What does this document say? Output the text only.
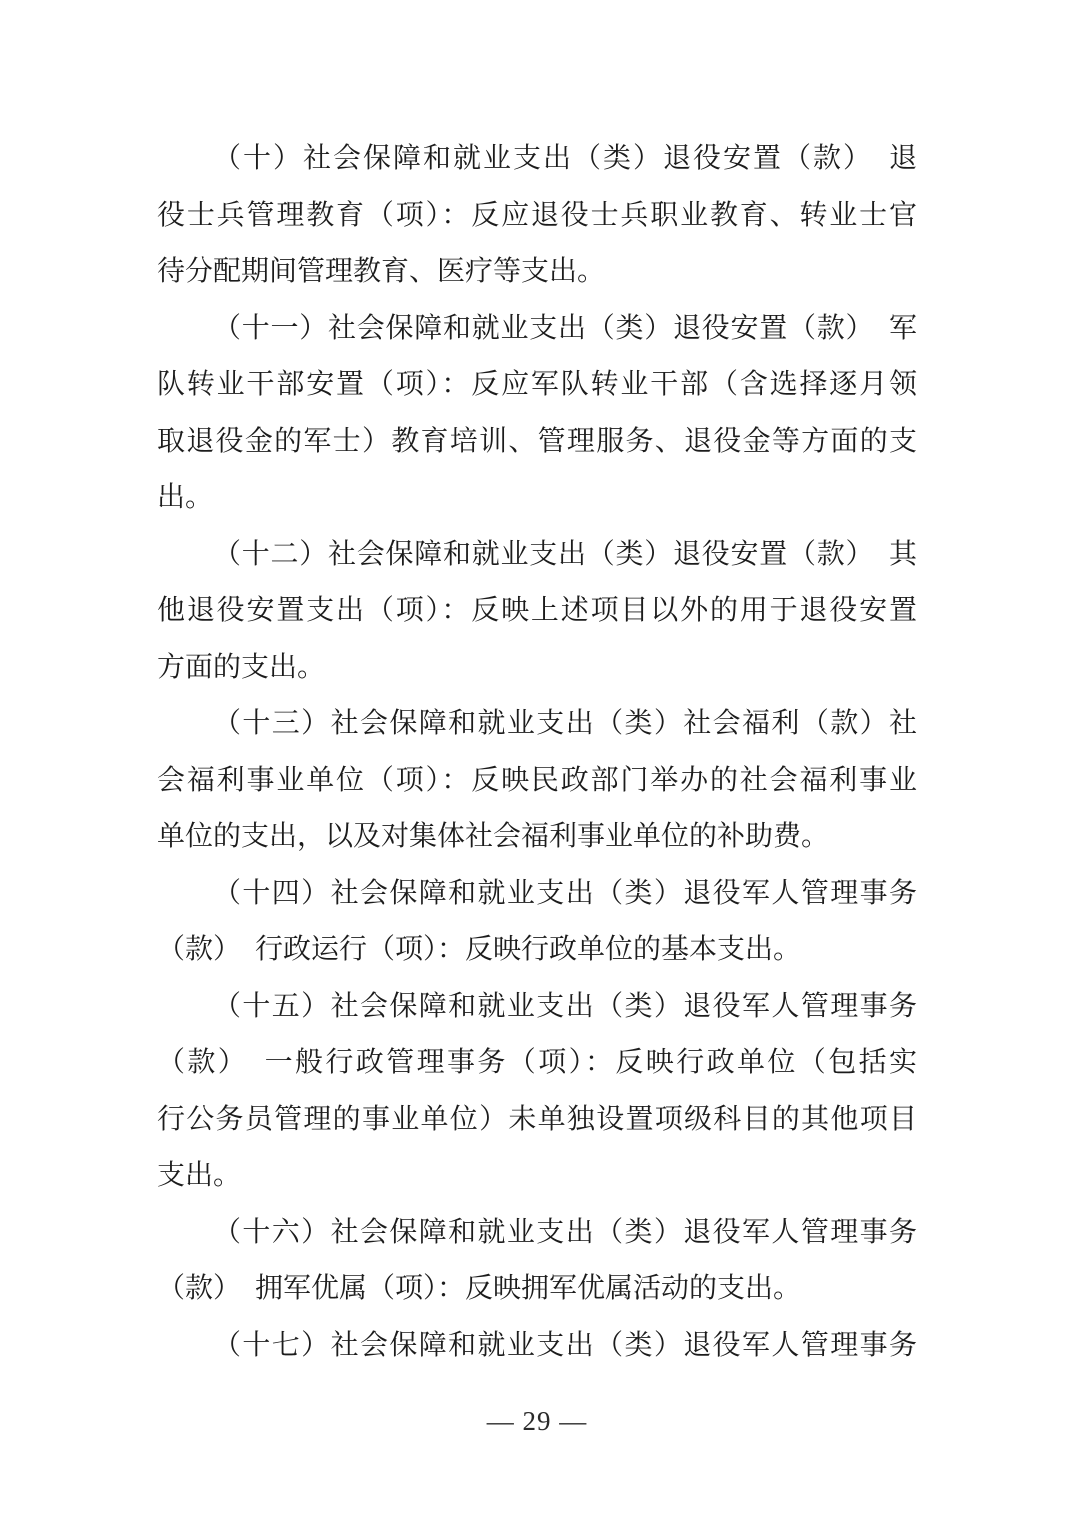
（十）社会保障和就业支出（类）退役安置（款）　退
役士兵管理教育（项）：反应退役士兵职业教育、转业士官
待分配期间管理教育、医疗等支出。
（十一）社会保障和就业支出（类）退役安置（款）　军
队转业干部安置（项）：反应军队转业干部（含选择逐月领
取退役金的军士）教育培训、管理服务、退役金等方面的支
出。
（十二）社会保障和就业支出（类）退役安置（款）　其
他退役安置支出（项）：反映上述项目以外的用于退役安置
方面的支出。
（十三）社会保障和就业支出（类）社会福利（款）社
会福利事业单位（项）：反映民政部门举办的社会福利事业
单位的支出，以及对集体社会福利事业单位的补助费。
（十四）社会保障和就业支出（类）退役军人管理事务
（款）　行政运行（项）：反映行政单位的基本支出。
（十五）社会保障和就业支出（类）退役军人管理事务
（款）　一般行政管理事务（项）：反映行政单位（包括实
行公务员管理的事业单位）未单独设置项级科目的其他项目
支出。
（十六）社会保障和就业支出（类）退役军人管理事务
（款）　拥军优属（项）：反映拥军优属活动的支出。
（十七）社会保障和就业支出（类）退役军人管理事务
— 29 —
